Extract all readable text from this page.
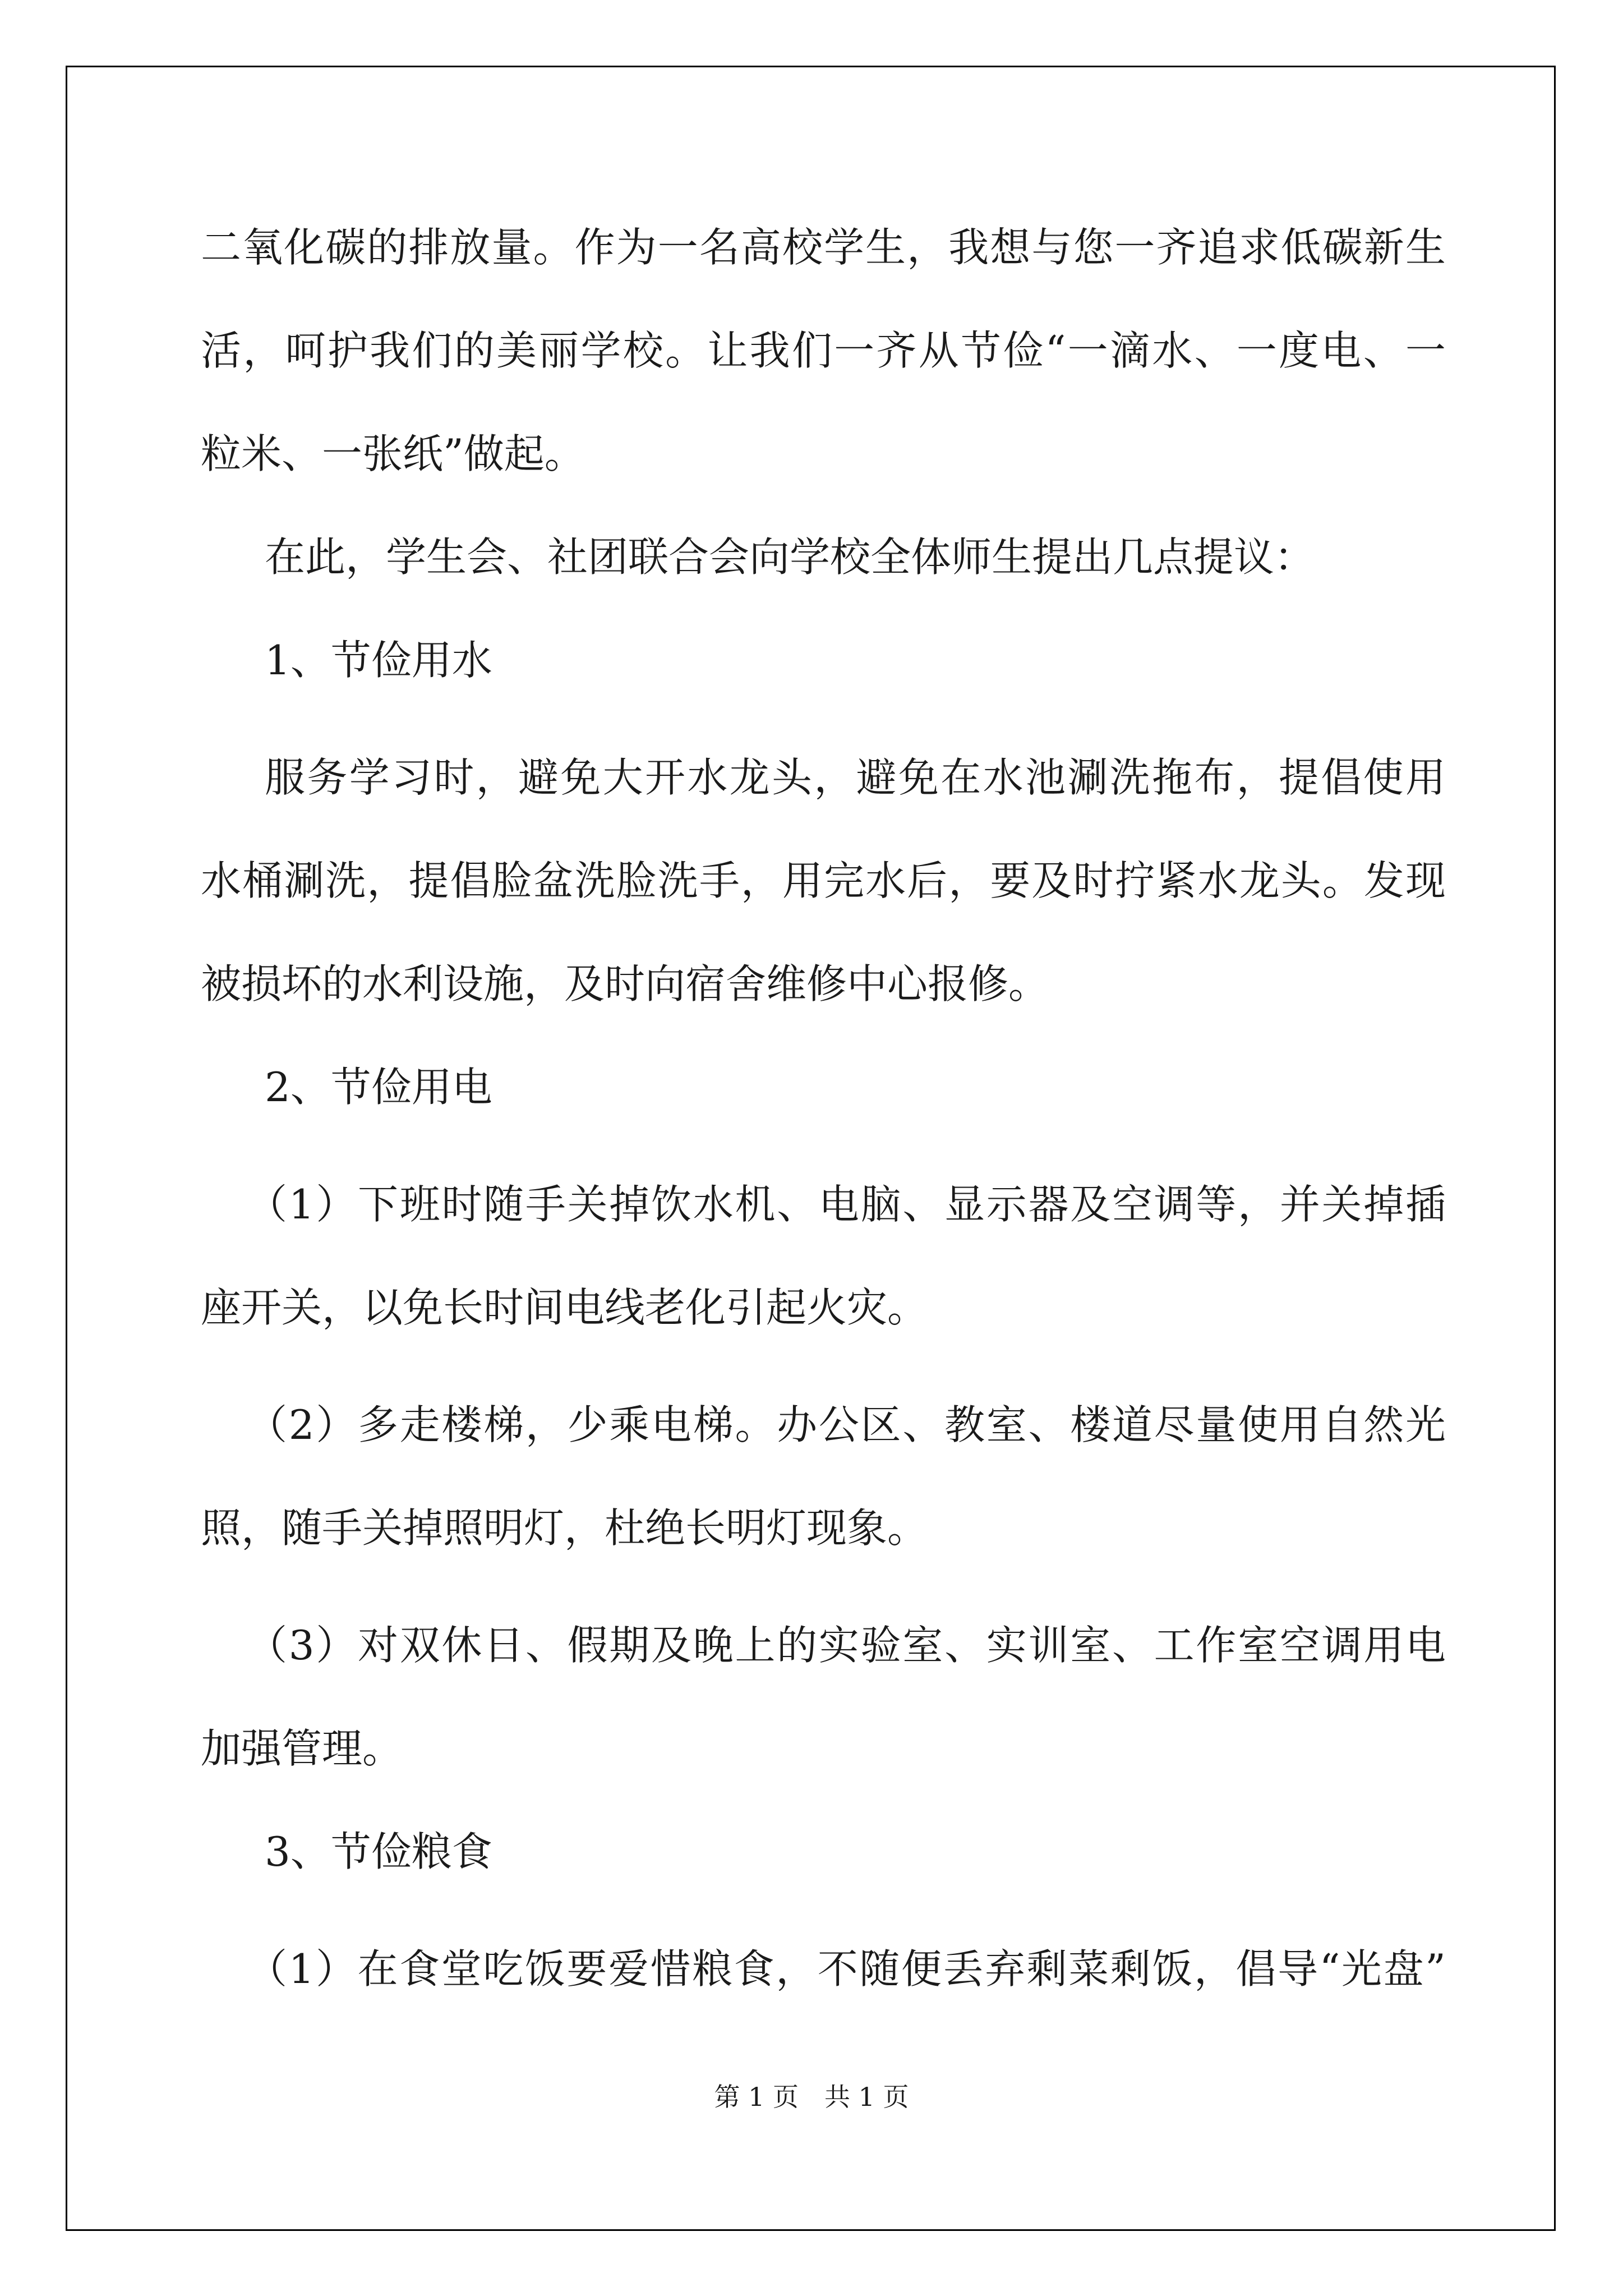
二氧化碳的排放量。作为一名高校学生，我想与您一齐追求低碳新生
活，呵护我们的美丽学校。让我们一齐从节俭“一滴水、一度电、一
粒米、一张纸”做起。
在此，学生会、社团联合会向学校全体师生提出几点提议：
1、节俭用水
服务学习时，避免大开水龙头，避免在水池涮洗拖布，提倡使用
水桶涮洗，提倡脸盆洗脸洗手，用完水后，要及时拧紧水龙头。发现
被损坏的水利设施，及时向宿舍维修中心报修。
2、节俭用电
（1）下班时随手关掉饮水机、电脑、显示器及空调等，并关掉插
座开关，以免长时间电线老化引起火灾。
（2）多走楼梯，少乘电梯。办公区、教室、楼道尽量使用自然光
照，随手关掉照明灯，杜绝长明灯现象。
（3）对双休日、假期及晚上的实验室、实训室、工作室空调用电
加强管理。
3、节俭粮食
（1）在食堂吃饭要爱惜粮食，不随便丢弃剩菜剩饭，倡导“光盘”
第 1 页　共 1 页
